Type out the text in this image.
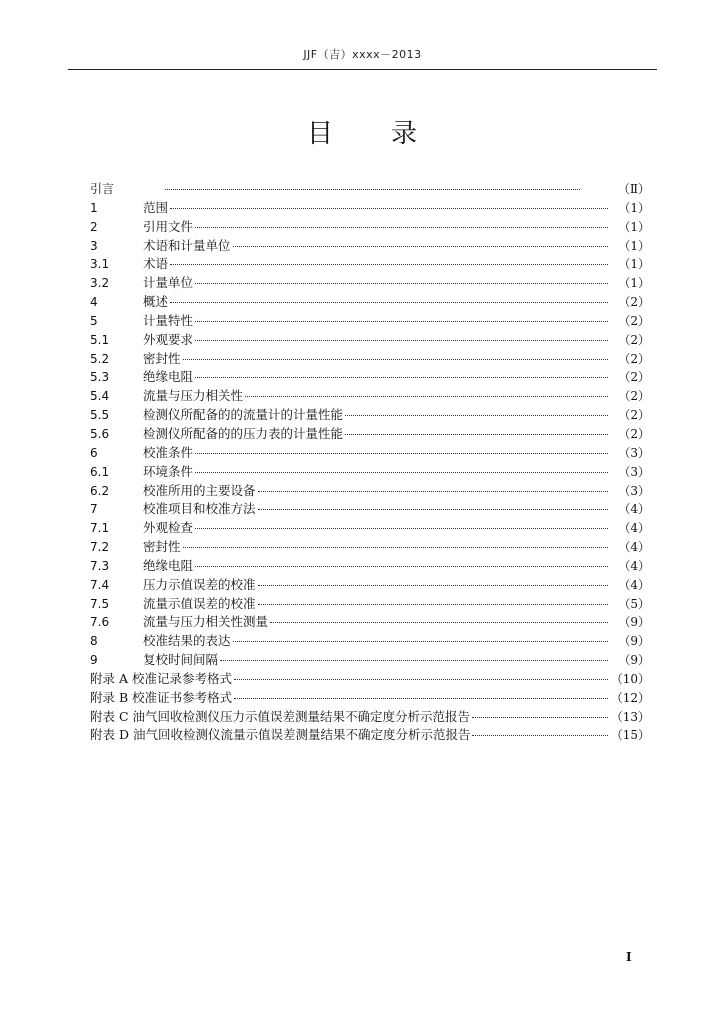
JJF（吉）xxxx－2013
目录
引言	（Ⅱ）
1	范围	（1）
2	引用文件	（1）
3	术语和计量单位	（1）
3.1	术语	（1）
3.2	计量单位	（1）
4	概述	（2）
5	计量特性	（2）
5.1	外观要求	（2）
5.2	密封性	（2）
5.3	绝缘电阻	（2）
5.4	流量与压力相关性	（2）
5.5	检测仪所配备的的流量计的计量性能	（2）
5.6	检测仪所配备的的压力表的计量性能	（2）
6	校准条件	（3）
6.1	环境条件	（3）
6.2	校准所用的主要设备	（3）
7	校准项目和校准方法	（4）
7.1	外观检查	（4）
7.2	密封性	（4）
7.3	绝缘电阻	（4）
7.4	压力示值误差的校准	（4）
7.5	流量示值误差的校准	（5）
7.6	流量与压力相关性测量	（9）
8	校准结果的表达	（9）
9	复校时间间隔	（9）
附录 A 校准记录参考格式	（10）
附录 B 校准证书参考格式	（12）
附表 C 油气回收检测仪压力示值误差测量结果不确定度分析示范报告	（13）
附表 D 油气回收检测仪流量示值误差测量结果不确定度分析示范报告	（15）
I
